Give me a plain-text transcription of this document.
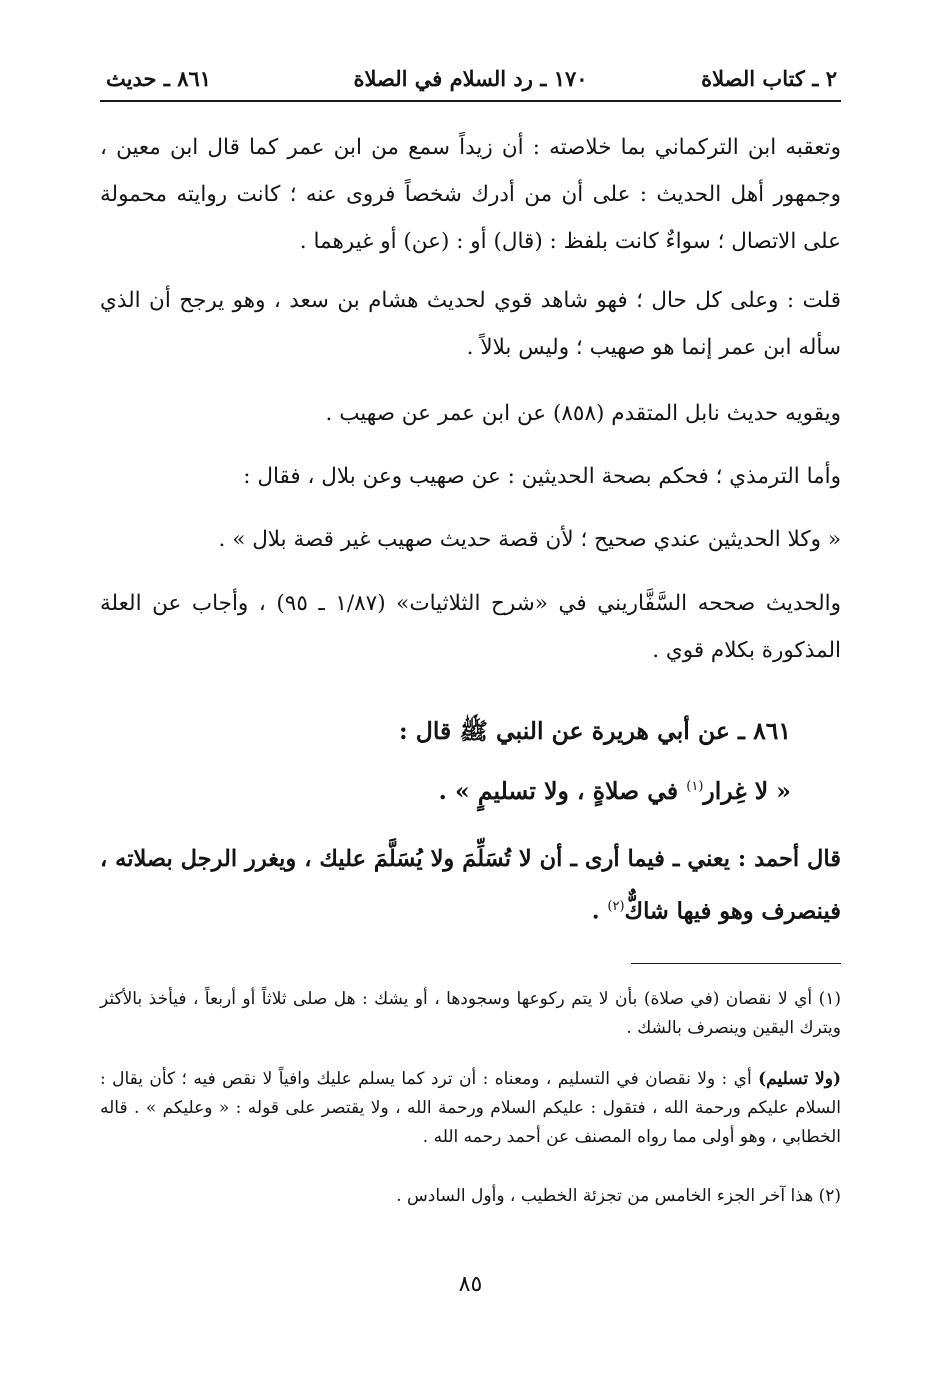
٢ ـ كتاب الصلاة
١٧٠ ـ رد السلام في الصلاة
٨٦١ ـ حديث

وتعقبه ابن التركماني بما خلاصته : أن زيداً سمع من ابن عمر كما قال ابن معين ، وجمهور أهل الحديث : على أن من أدرك شخصاً فروى عنه ؛ كانت روايته محمولة على الاتصال ؛ سواءٌ كانت بلفظ : (قال) أو : (عن) أو غيرهما .

قلت : وعلى كل حال ؛ فهو شاهد قوي لحديث هشام بن سعد ، وهو يرجح أن الذي سأله ابن عمر إنما هو صهيب ؛ وليس بلالاً .

ويقويه حديث نابل المتقدم (٨٥٨) عن ابن عمر عن صهيب .

وأما الترمذي ؛ فحكم بصحة الحديثين : عن صهيب وعن بلال ، فقال :

« وكلا الحديثين عندي صحيح ؛ لأن قصة حديث صهيب غير قصة بلال » .

والحديث صححه السَّفَّاريني في «شرح الثلاثيات» (١/٨٧ ـ ٩٥) ، وأجاب عن العلة المذكورة بكلام قوي .

٨٦١ ـ عن أبي هريرة عن النبي ﷺ قال :
« لا غِرار$^{(١)}$ في صلاةٍ ، ولا تسليمٍ » .

قال أحمد : يعني ـ فيما أرى ـ أن لا تُسَلِّمَ ولا يُسَلَّمَ عليك ، ويغرر الرجل بصلاته ، فينصرف وهو فيها شاكٌّ$^{(٢)}$ .

(١) أي لا نقصان (في صلاة) بأن لا يتم ركوعها وسجودها ، أو يشك : هل صلى ثلاثاً أو أربعاً ، فيأخذ بالأكثر ويترك اليقين وينصرف بالشك .

(ولا تسليم) أي : ولا نقصان في التسليم ، ومعناه : أن ترد كما يسلم عليك وافياً لا نقص فيه ؛ كأن يقال : السلام عليكم ورحمة الله ، فتقول : عليكم السلام ورحمة الله ، ولا يقتصر على قوله : « وعليكم » . قاله الخطابي ، وهو أولى مما رواه المصنف عن أحمد رحمه الله .

(٢) هذا آخر الجزء الخامس من تجزئة الخطيب ، وأول السادس .

٨٥
